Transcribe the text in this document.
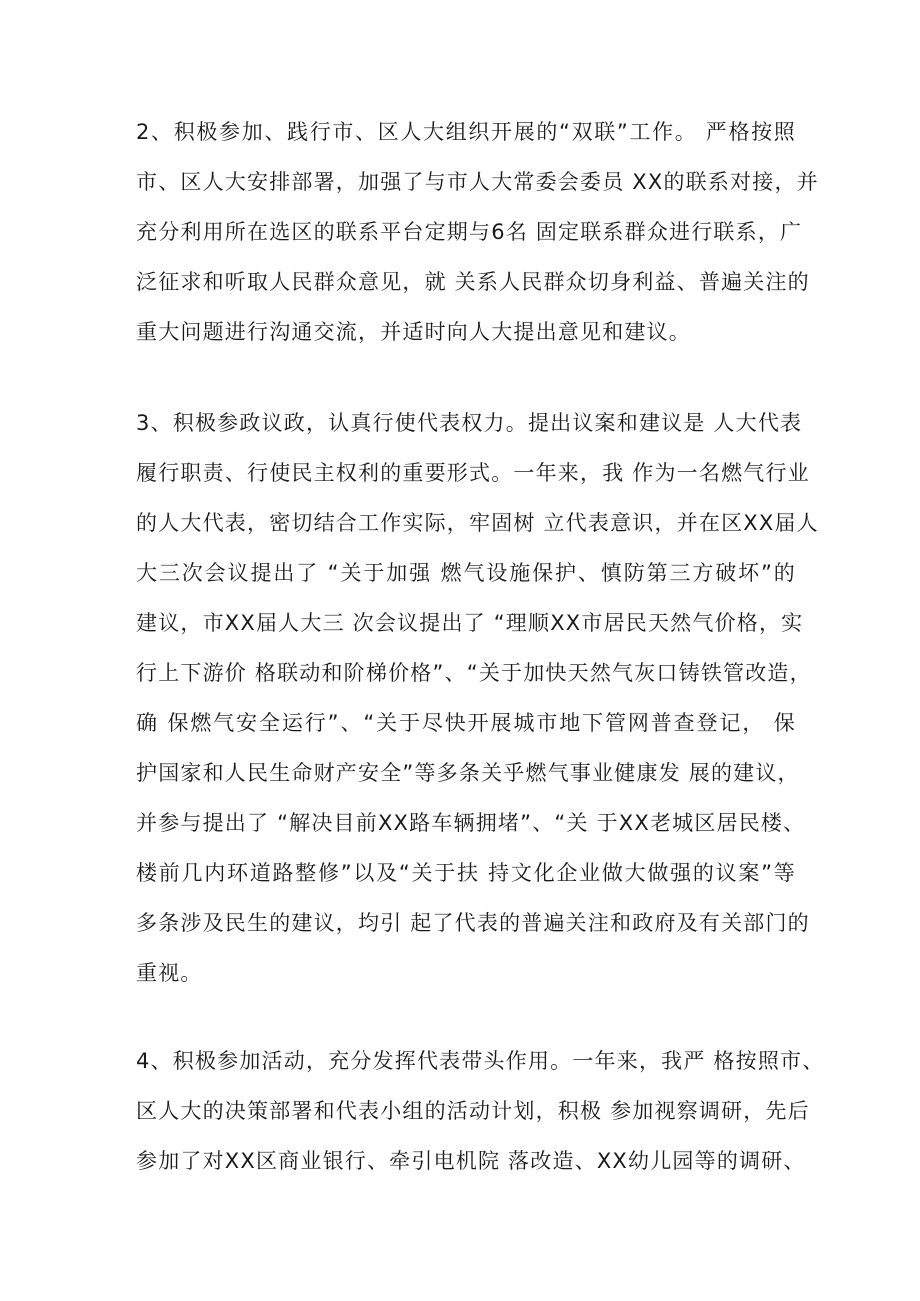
2、积极参加、践行市、区人大组织开展的“双联”工作。 严格按照
市、区人大安排部署，加强了与市人大常委会委员 XX的联系对接，并
充分利用所在选区的联系平台定期与6名 固定联系群众进行联系，广
泛征求和听取人民群众意见，就 关系人民群众切身利益、普遍关注的
重大问题进行沟通交流，并适时向人大提出意见和建议。
3、积极参政议政，认真行使代表权力。提出议案和建议是 人大代表
履行职责、行使民主权利的重要形式。一年来，我 作为一名燃气行业
的人大代表，密切结合工作实际，牢固树 立代表意识，并在区XX届人
大三次会议提出了 “关于加强 燃气设施保护、慎防第三方破坏”的
建议，市XX届人大三 次会议提出了 “理顺XX市居民天然气价格，实
行上下游价 格联动和阶梯价格”、“关于加快天然气灰口铸铁管改造，
确 保燃气安全运行”、“关于尽快开展城市地下管网普查登记， 保
护国家和人民生命财产安全”等多条关乎燃气事业健康发 展的建议，
并参与提出了 “解决目前XX路车辆拥堵”、“关 于XX老城区居民楼、
楼前几内环道路整修”以及“关于扶 持文化企业做大做强的议案”等
多条涉及民生的建议，均引 起了代表的普遍关注和政府及有关部门的
重视。
4、积极参加活动，充分发挥代表带头作用。一年来，我严 格按照市、
区人大的决策部署和代表小组的活动计划，积极 参加视察调研，先后
参加了对XX区商业银行、牵引电机院 落改造、XX幼儿园等的调研、
